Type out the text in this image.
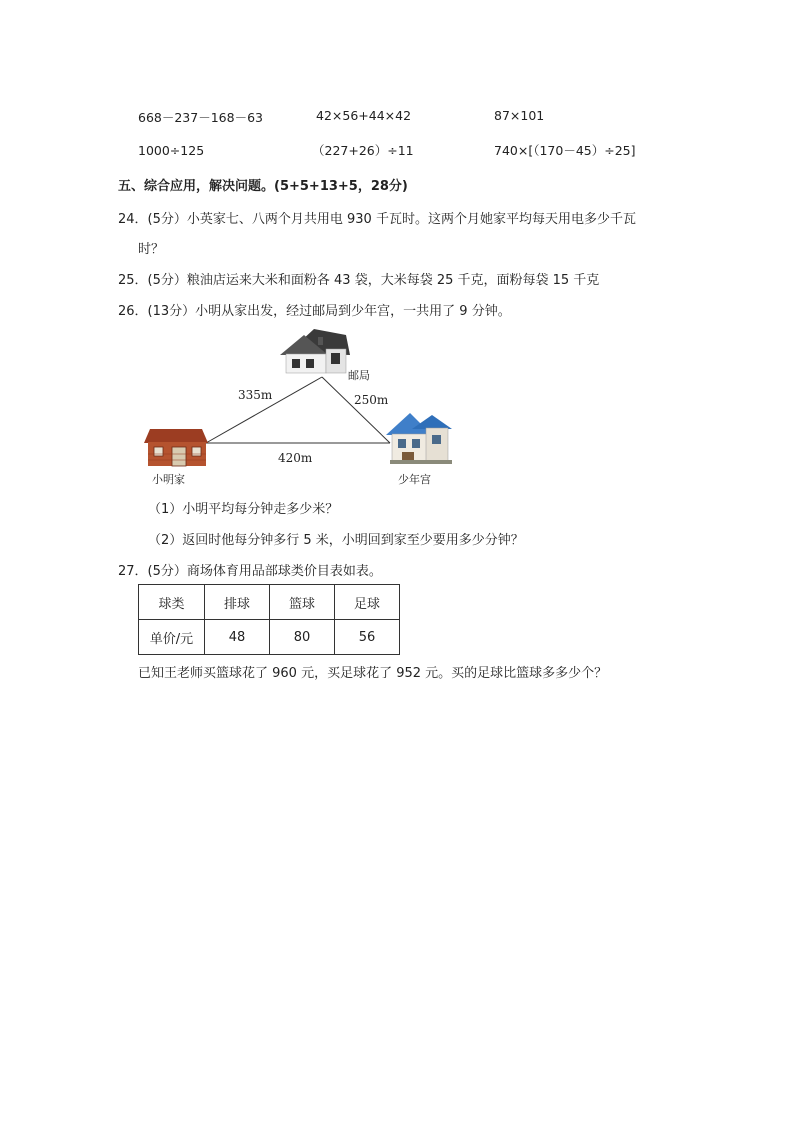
668－237－168－63	42×56+44×42	87×101
1000÷125	（227+26）÷11	740×[（170－45）÷25]
五、综合应用，解决问题。(5+5+13+5，28分)
24．(5分）小英家七、八两个月共用电 930 千瓦时。这两个月她家平均每天用电多少千瓦
时？
25．(5分）粮油店运来大米和面粉各 43 袋，大米每袋 25 千克，面粉每袋 15 千克
26．(13分）小明从家出发，经过邮局到少年宫，一共用了 9 分钟。
邮局
335m	250m
420m
小明家	少年宫
（1）小明平均每分钟走多少米？
（2）返回时他每分钟多行 5 米，小明回到家至少要用多少分钟？
27．(5分）商场体育用品部球类价目表如表。
球类	排球	篮球	足球
单价/元	48	80	56
已知王老师买篮球花了 960 元，买足球花了 952 元。买的足球比篮球多多少个？
